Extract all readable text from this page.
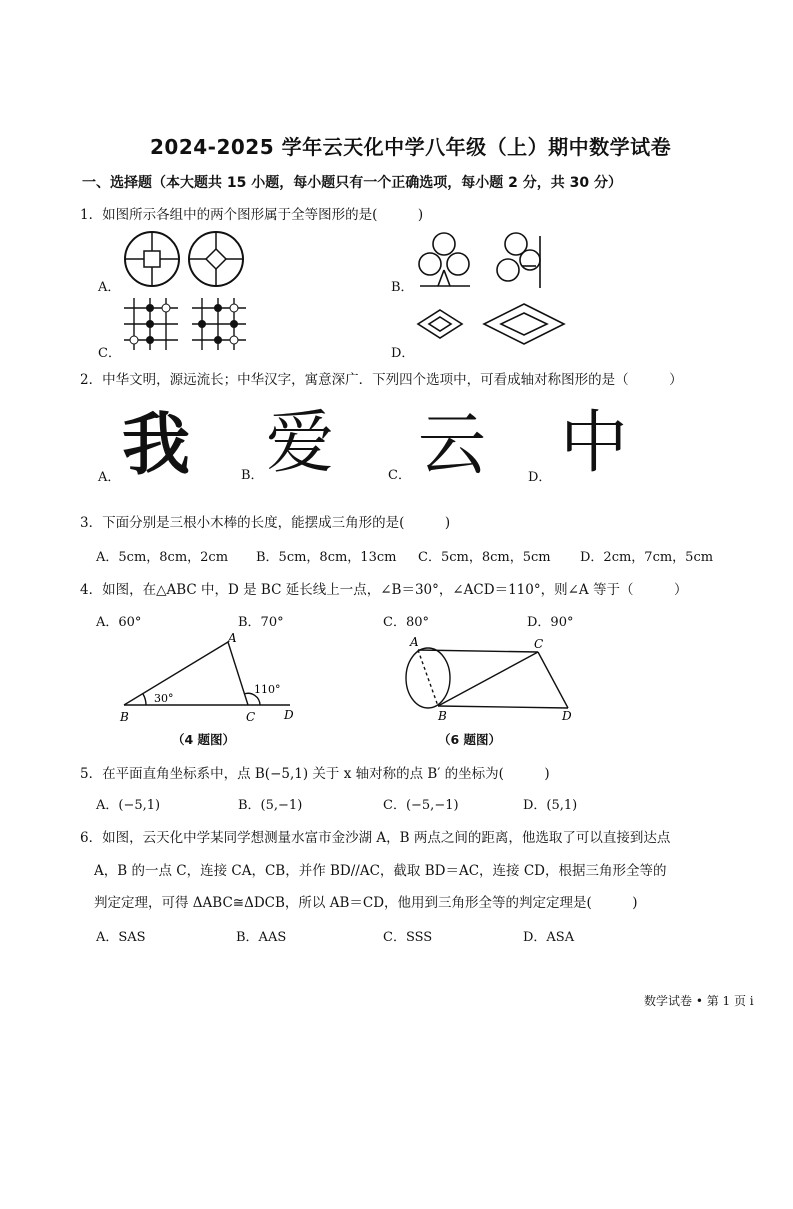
2024-2025 学年云天化中学八年级（上）期中数学试卷
一、选择题（本大题共 15 小题，每小题只有一个正确选项，每小题 2 分，共 30 分）
1．如图所示各组中的两个图形属于全等图形的是(　　　)
A．	B．
C．	D．
2．中华文明，源远流长；中华汉字，寓意深广．下列四个选项中，可看成轴对称图形的是（　　　）
A． 我	B． 爱	C． 云	D． 中
3．下面分别是三根小木棒的长度，能摆成三角形的是(　　　)
A．5cm，8cm，2cm B．5cm，8cm，13cm C．5cm，8cm，5cm D．2cm，7cm，5cm
4．如图，在△ABC 中，D 是 BC 延长线上一点，∠B＝30°，∠ACD＝110°，则∠A 等于（　　　）
A．60°	B．70°	C．80°	D．90°
A
B	C D
30°
110°
（4 题图）
A
B
C
D
（6 题图）
5．在平面直角坐标系中，点 B(−5,1) 关于 x 轴对称的点 B′ 的坐标为(　　　)
A．(−5,1)	B．(5,−1)	C．(−5,−1)	D．(5,1)
6．如图，云天化中学某同学想测量水富市金沙湖 A，B 两点之间的距离，他选取了可以直接到达点
A，B 的一点 C，连接 CA，CB，并作 BD//AC，截取 BD＝AC，连接 CD，根据三角形全等的
判定定理，可得 ΔABC≅ΔDCB，所以 AB＝CD，他用到三角形全等的判定定理是(　　　)
A．SAS	B．AAS	C．SSS	D．ASA
数学试卷 • 第 1 页 ⅰ
